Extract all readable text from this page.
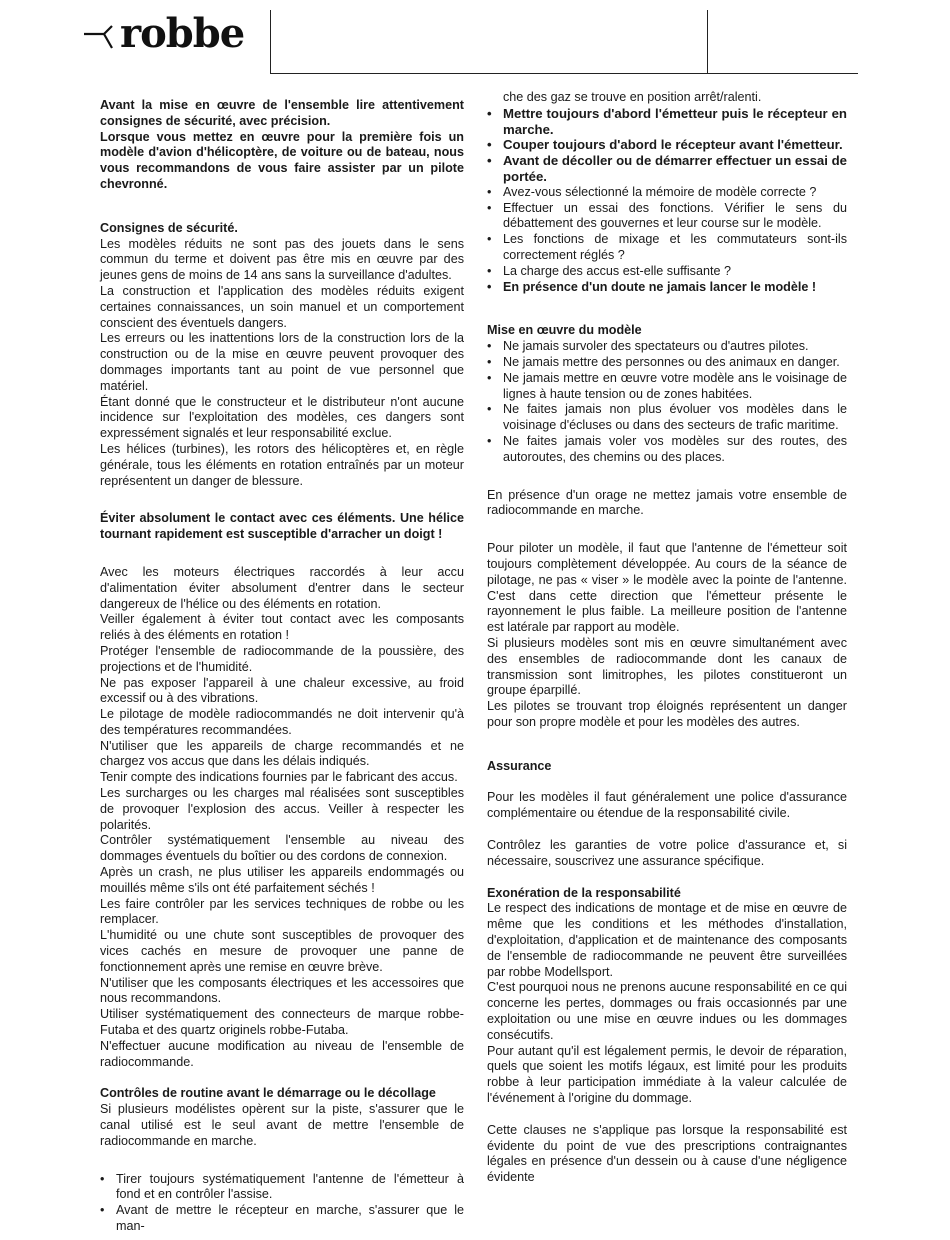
robbe

Avant la mise en œuvre de l'ensemble lire attentivement consignes de sécurité, avec précision.

Lorsque vous mettez en œuvre pour la première fois un modèle d'avion d'hélicoptère, de voiture ou de bateau, nous vous recommandons de vous faire assister par un pilote chevronné.

Consignes de sécurité.

Les modèles réduits ne sont pas des jouets dans le sens commun du terme et doivent pas être mis en œuvre par des jeunes gens de moins de 14 ans sans la surveillance d'adultes.

La construction et l'application des modèles réduits exigent certaines connaissances, un soin manuel et un comportement conscient des éventuels dangers.

Les erreurs ou les inattentions lors de la construction lors de la construction ou de la mise en œuvre peuvent provoquer des dommages importants tant au point de vue personnel que matériel.

Étant donné que le constructeur et le distributeur n'ont aucune incidence sur l'exploitation des modèles, ces dangers sont expressément signalés et leur responsabilité exclue.

Les hélices (turbines), les rotors des hélicoptères et, en règle générale, tous les éléments en rotation entraînés par un moteur représentent un danger de blessure.

Éviter absolument le contact avec ces éléments. Une hélice tournant rapidement est susceptible d'arracher un doigt !

Avec les moteurs électriques raccordés à leur accu d'alimentation éviter absolument d'entrer dans le secteur dangereux de l'hélice ou des éléments en rotation.

Veiller également à éviter tout contact avec les composants reliés à des éléments en rotation !

Protéger l'ensemble de radiocommande de la poussière, des projections et de l'humidité.

Ne pas exposer l'appareil à une chaleur excessive, au froid excessif ou à des vibrations.

Le pilotage de modèle radiocommandés ne doit intervenir qu'à des températures recommandées.

N'utiliser que les appareils de charge recommandés et ne chargez vos accus que dans les délais indiqués.

Tenir compte des indications fournies par le fabricant des accus.

Les surcharges ou les charges mal réalisées sont susceptibles de provoquer l'explosion des accus. Veiller à respecter les polarités.

Contrôler systématiquement l'ensemble au niveau des dommages éventuels du boîtier ou des cordons de connexion.

Après un crash, ne plus utiliser les appareils endommagés ou mouillés même s'ils ont été parfaitement séchés !

Les faire contrôler par les services techniques de robbe ou les remplacer.

L'humidité ou une chute sont susceptibles de provoquer des vices cachés en mesure de provoquer une panne de fonctionnement après une remise en œuvre brève.

N'utiliser que les composants électriques et les accessoires que nous recommandons.

Utiliser systématiquement des connecteurs de marque robbe-Futaba et des quartz originels robbe-Futaba.

N'effectuer aucune modification au niveau de l'ensemble de radiocommande.

Contrôles de routine avant le démarrage ou le décollage

Si plusieurs modélistes opèrent sur la piste, s'assurer que le canal utilisé est le seul avant de mettre l'ensemble de radiocommande en marche.

• Tirer toujours systématiquement l'antenne de l'émetteur à fond et en contrôler l'assise.
• Avant de mettre le récepteur en marche, s'assurer que le man-

che des gaz se trouve en position arrêt/ralenti.

• Mettre toujours d'abord l'émetteur puis le récepteur en marche.
• Couper toujours d'abord le récepteur avant l'émetteur.
• Avant de décoller ou de démarrer effectuer un essai de portée.
• Avez-vous sélectionné la mémoire de modèle correcte ?
• Effectuer un essai des fonctions. Vérifier le sens du débattement des gouvernes et leur course sur le modèle.
• Les fonctions de mixage et les commutateurs sont-ils correctement réglés ?
• La charge des accus est-elle suffisante ?
• En présence d'un doute ne jamais lancer le modèle !

Mise en œuvre du modèle

• Ne jamais survoler des spectateurs ou d'autres pilotes.
• Ne jamais mettre des personnes ou des animaux en danger.
• Ne jamais mettre en œuvre votre modèle ans le voisinage de lignes à haute tension ou de zones habitées.
• Ne faites jamais non plus évoluer vos modèles dans le voisinage d'écluses ou dans des secteurs de trafic maritime.
• Ne faites jamais voler vos modèles sur des routes, des autoroutes, des chemins ou des places.

En présence d'un orage ne mettez jamais votre ensemble de radiocommande en marche.

Pour piloter un modèle, il faut que l'antenne de l'émetteur soit toujours complètement développée. Au cours de la séance de pilotage, ne pas « viser » le modèle avec la pointe de l'antenne. C'est dans cette direction que l'émetteur présente le rayonnement le plus faible. La meilleure position de l'antenne est latérale par rapport au modèle.

Si plusieurs modèles sont mis en œuvre simultanément avec des ensembles de radiocommande dont les canaux de transmission sont limitrophes, les pilotes constitueront un groupe éparpillé.

Les pilotes se trouvant trop éloignés représentent un danger pour son propre modèle et pour les modèles des autres.

Assurance

Pour les modèles il faut généralement une police d'assurance complémentaire ou étendue de la responsabilité civile.

Contrôlez les garanties de votre police d'assurance et, si nécessaire, souscrivez une assurance spécifique.

Exonération de la responsabilité

Le respect des indications de montage et de mise en œuvre de même que les conditions et les méthodes d'installation, d'exploitation, d'application et de maintenance des composants de l'ensemble de radiocommande ne peuvent être surveillées par robbe Modellsport.

C'est pourquoi nous ne prenons aucune responsabilité en ce qui concerne les pertes, dommages ou frais occasionnés par une exploitation ou une mise en œuvre indues ou les dommages consécutifs.

Pour autant qu'il est légalement permis, le devoir de réparation, quels que soient les motifs légaux, est limité pour les produits robbe à leur participation immédiate à la valeur calculée de l'événement à l'origine du dommage.

Cette clauses ne s'applique pas lorsque la responsabilité est évidente du point de vue des prescriptions contraignantes légales en présence d'un dessein ou à cause d'une négligence évidente
